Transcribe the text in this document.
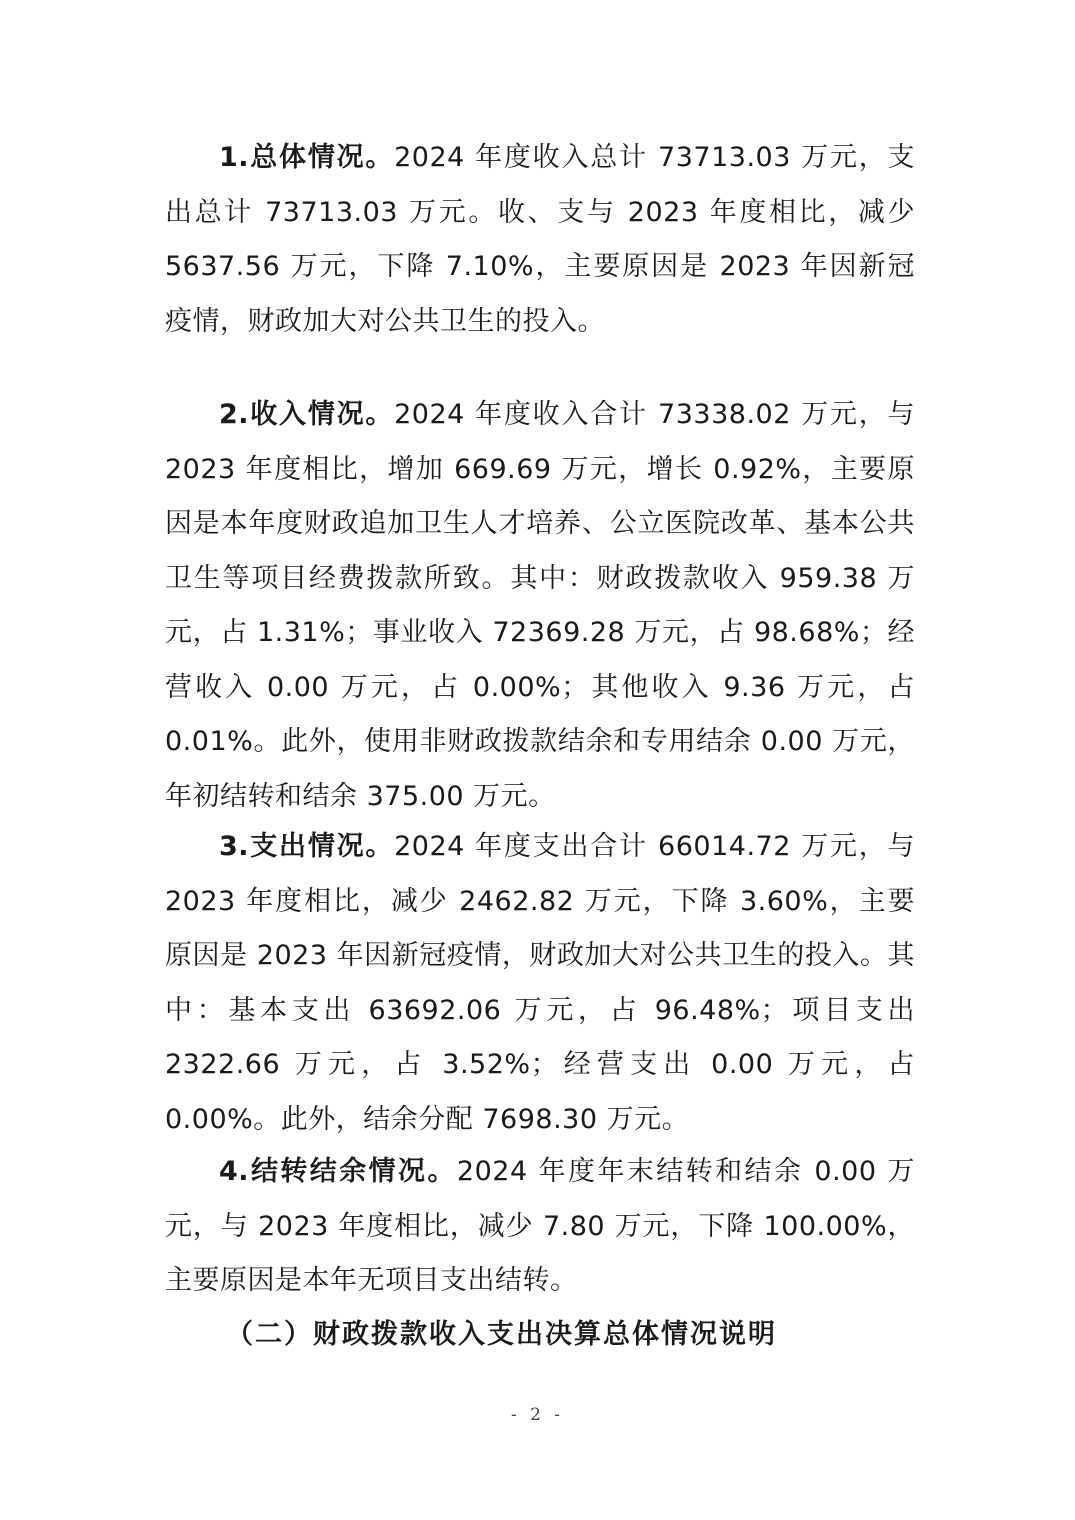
1.总体情况。2024 年度收入总计 73713.03 万元，支出总计 73713.03 万元。收、支与 2023 年度相比，减少 5637.56 万元，下降 7.10%，主要原因是 2023 年因新冠疫情，财政加大对公共卫生的投入。

2.收入情况。2024 年度收入合计 73338.02 万元，与 2023 年度相比，增加 669.69 万元，增长 0.92%，主要原因是本年度财政追加卫生人才培养、公立医院改革、基本公共卫生等项目经费拨款所致。其中：财政拨款收入 959.38 万元，占 1.31%；事业收入 72369.28 万元，占 98.68%；经营收入 0.00 万元，占 0.00%；其他收入 9.36 万元，占 0.01%。此外，使用非财政拨款结余和专用结余 0.00 万元，年初结转和结余 375.00 万元。

3.支出情况。2024 年度支出合计 66014.72 万元，与 2023 年度相比，减少 2462.82 万元，下降 3.60%，主要原因是 2023 年因新冠疫情，财政加大对公共卫生的投入。其中：基本支出 63692.06 万元，占 96.48%；项目支出 2322.66 万元，占 3.52%；经营支出 0.00 万元，占 0.00%。此外，结余分配 7698.30 万元。

4.结转结余情况。2024 年度年末结转和结余 0.00 万元，与 2023 年度相比，减少 7.80 万元，下降 100.00%，主要原因是本年无项目支出结转。

（二）财政拨款收入支出决算总体情况说明
- 2 -
